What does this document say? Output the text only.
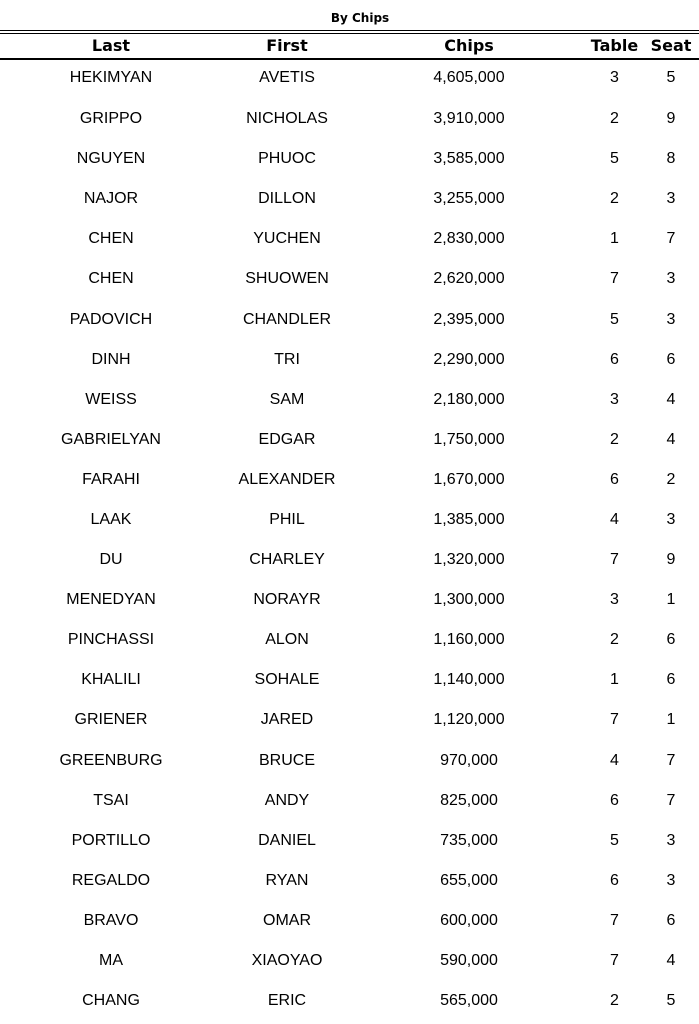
By Chips
Last	First	Chips	Table	Seat
HEKIMYAN	AVETIS	4,605,000	3	5
GRIPPO	NICHOLAS	3,910,000	2	9
NGUYEN	PHUOC	3,585,000	5	8
NAJOR	DILLON	3,255,000	2	3
CHEN	YUCHEN	2,830,000	1	7
CHEN	SHUOWEN	2,620,000	7	3
PADOVICH	CHANDLER	2,395,000	5	3
DINH	TRI	2,290,000	6	6
WEISS	SAM	2,180,000	3	4
GABRIELYAN	EDGAR	1,750,000	2	4
FARAHI	ALEXANDER	1,670,000	6	2
LAAK	PHIL	1,385,000	4	3
DU	CHARLEY	1,320,000	7	9
MENEDYAN	NORAYR	1,300,000	3	1
PINCHASSI	ALON	1,160,000	2	6
KHALILI	SOHALE	1,140,000	1	6
GRIENER	JARED	1,120,000	7	1
GREENBURG	BRUCE	970,000	4	7
TSAI	ANDY	825,000	6	7
PORTILLO	DANIEL	735,000	5	3
REGALDO	RYAN	655,000	6	3
BRAVO	OMAR	600,000	7	6
MA	XIAOYAO	590,000	7	4
CHANG	ERIC	565,000	2	5
